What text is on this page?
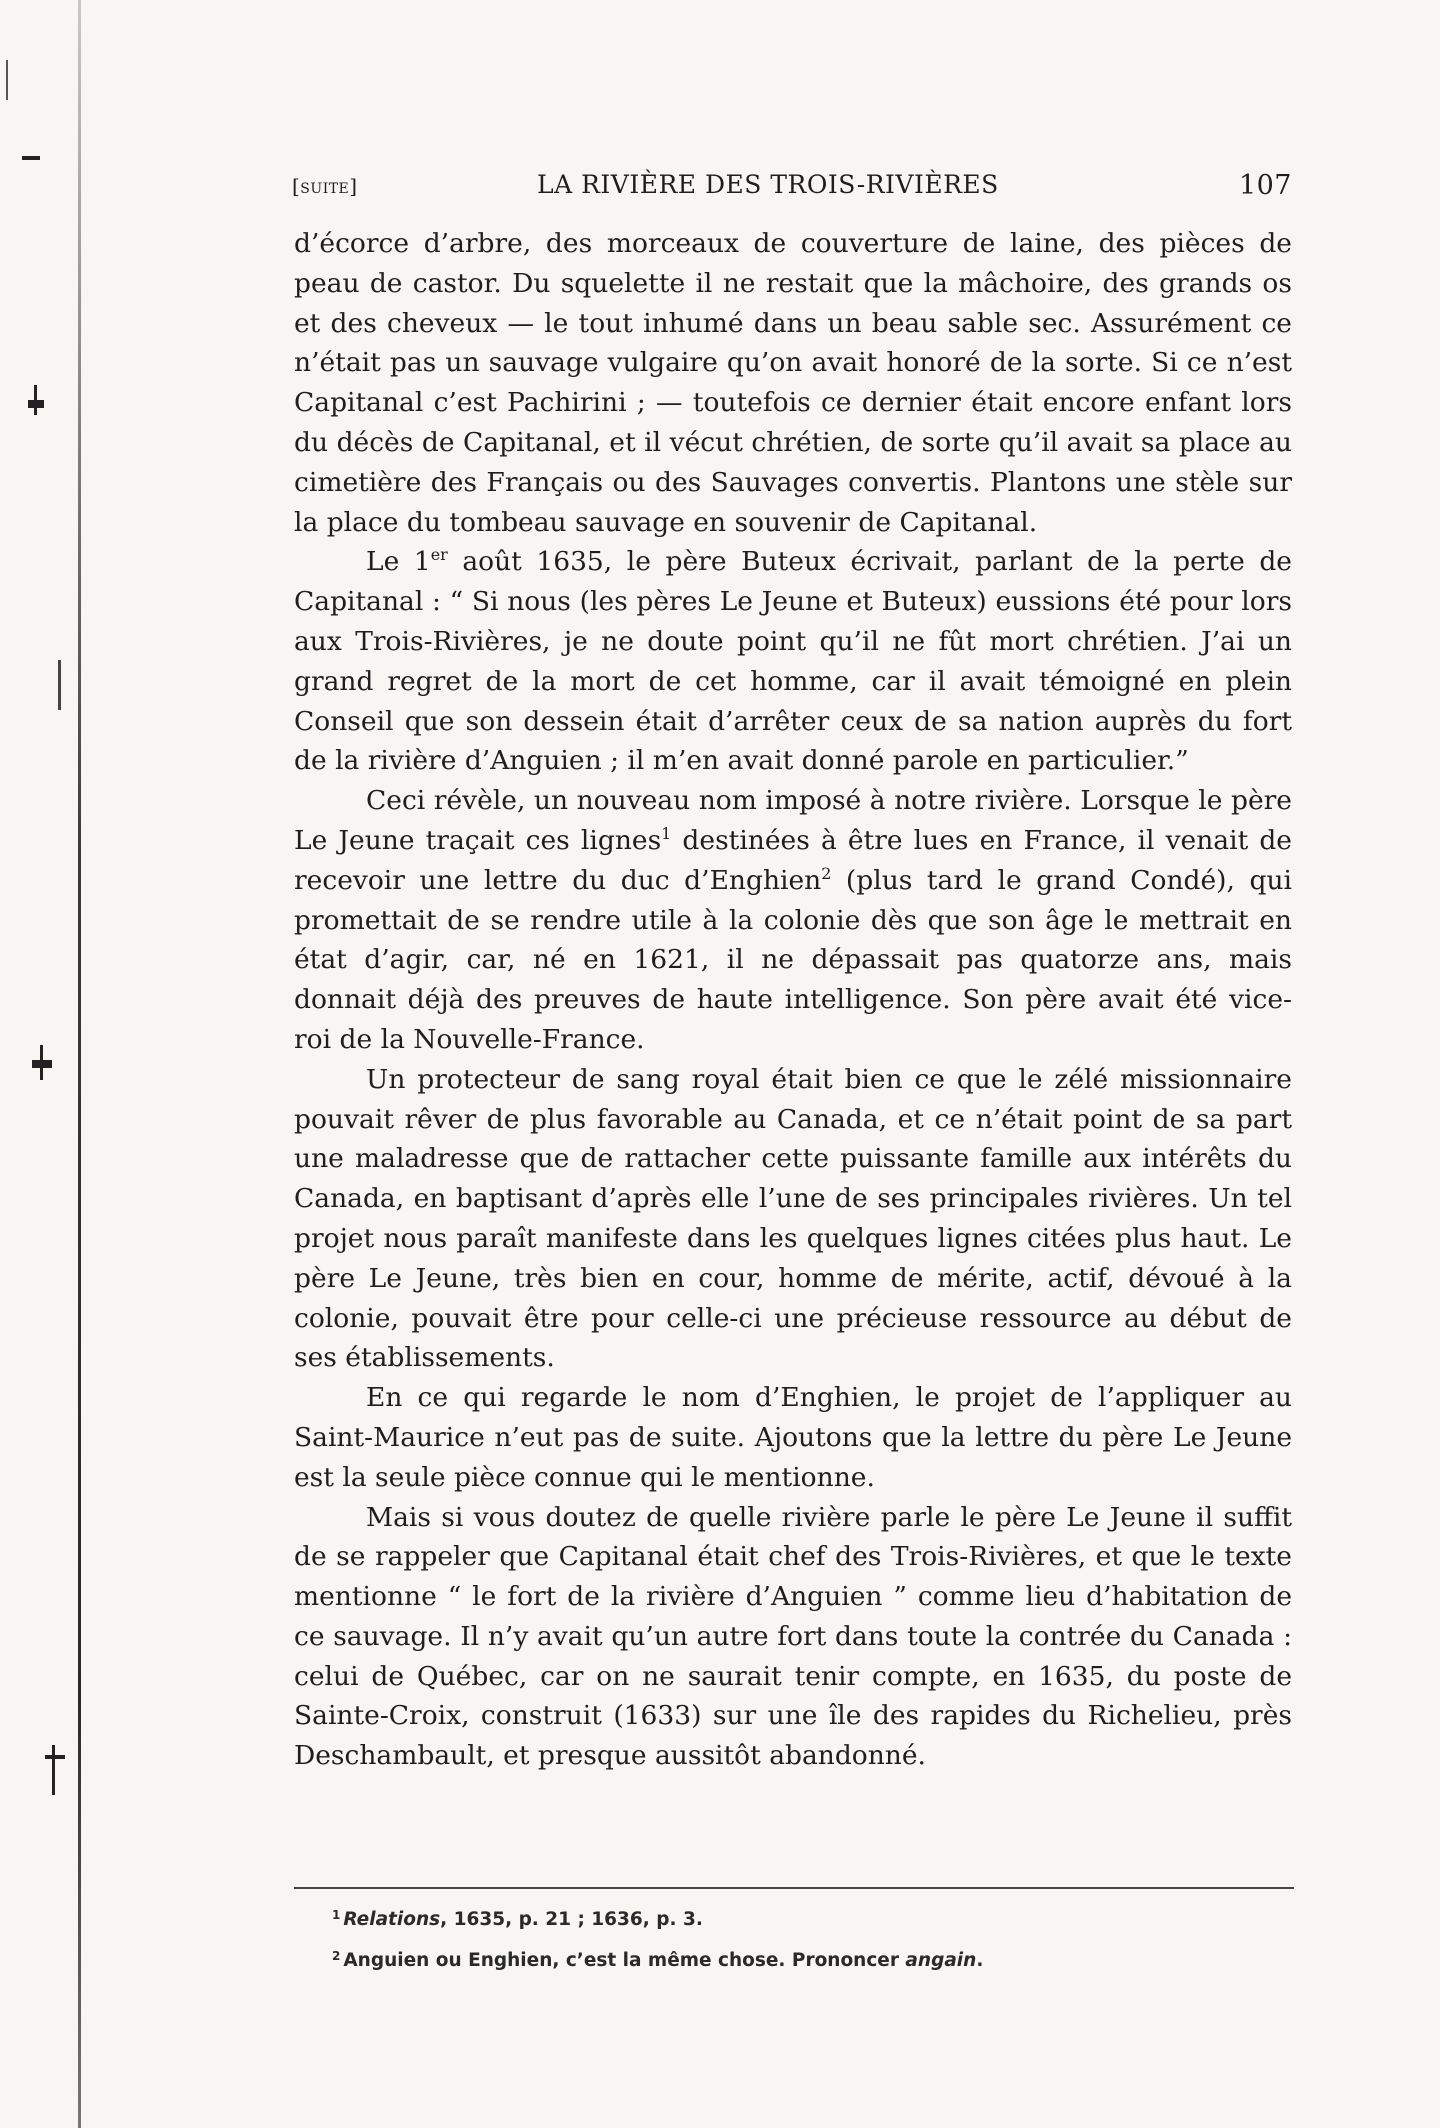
[suite]	LA RIVIÈRE DES TROIS-RIVIÈRES	107

d’écorce d’arbre, des morceaux de couverture de laine, des pièces de peau de castor. Du squelette il ne restait que la mâchoire, des grands os et des cheveux — le tout inhumé dans un beau sable sec. Assurément ce n’était pas un sauvage vulgaire qu’on avait honoré de la sorte. Si ce n’est Capitanal c’est Pachirini ; — toutefois ce dernier était encore enfant lors du décès de Capitanal, et il vécut chrétien, de sorte qu’il avait sa place au cimetière des Français ou des Sauvages convertis. Plantons une stèle sur la place du tombeau sauvage en souvenir de Capitanal.

Le 1er août 1635, le père Buteux écrivait, parlant de la perte de Capitanal : “ Si nous (les pères Le Jeune et Buteux) eussions été pour lors aux Trois-Rivières, je ne doute point qu’il ne fût mort chrétien. J’ai un grand regret de la mort de cet homme, car il avait témoigné en plein Conseil que son dessein était d’arrêter ceux de sa nation auprès du fort de la rivière d’Anguien ; il m’en avait donné parole en particulier.”

Ceci révèle, un nouveau nom imposé à notre rivière. Lorsque le père Le Jeune traçait ces lignes$^1$ destinées à être lues en France, il venait de recevoir une lettre du duc d’Enghien$^2$ (plus tard le grand Condé), qui promettait de se rendre utile à la colonie dès que son âge le mettrait en état d’agir, car, né en 1621, il ne dépassait pas quatorze ans, mais donnait déjà des preuves de haute intelligence. Son père avait été vice-roi de la Nouvelle-France.

Un protecteur de sang royal était bien ce que le zélé missionnaire pouvait rêver de plus favorable au Canada, et ce n’était point de sa part une maladresse que de rattacher cette puissante famille aux intérêts du Canada, en baptisant d’après elle l’une de ses principales rivières. Un tel projet nous paraît manifeste dans les quelques lignes citées plus haut. Le père Le Jeune, très bien en cour, homme de mérite, actif, dévoué à la colonie, pouvait être pour celle-ci une précieuse ressource au début de ses établissements.

En ce qui regarde le nom d’Enghien, le projet de l’appliquer au Saint-Maurice n’eut pas de suite. Ajoutons que la lettre du père Le Jeune est la seule pièce connue qui le mentionne.

Mais si vous doutez de quelle rivière parle le père Le Jeune il suffit de se rappeler que Capitanal était chef des Trois-Rivières, et que le texte mentionne “ le fort de la rivière d’Anguien ” comme lieu d’habitation de ce sauvage. Il n’y avait qu’un autre fort dans toute la contrée du Canada : celui de Québec, car on ne saurait tenir compte, en 1635, du poste de Sainte-Croix, construit (1633) sur une île des rapides du Richelieu, près Deschambault, et presque aussitôt abandonné.

$^1$ Relations, 1635, p. 21 ; 1636, p. 3.

$^2$ Anguien ou Enghien, c’est la même chose. Prononcer angain.
